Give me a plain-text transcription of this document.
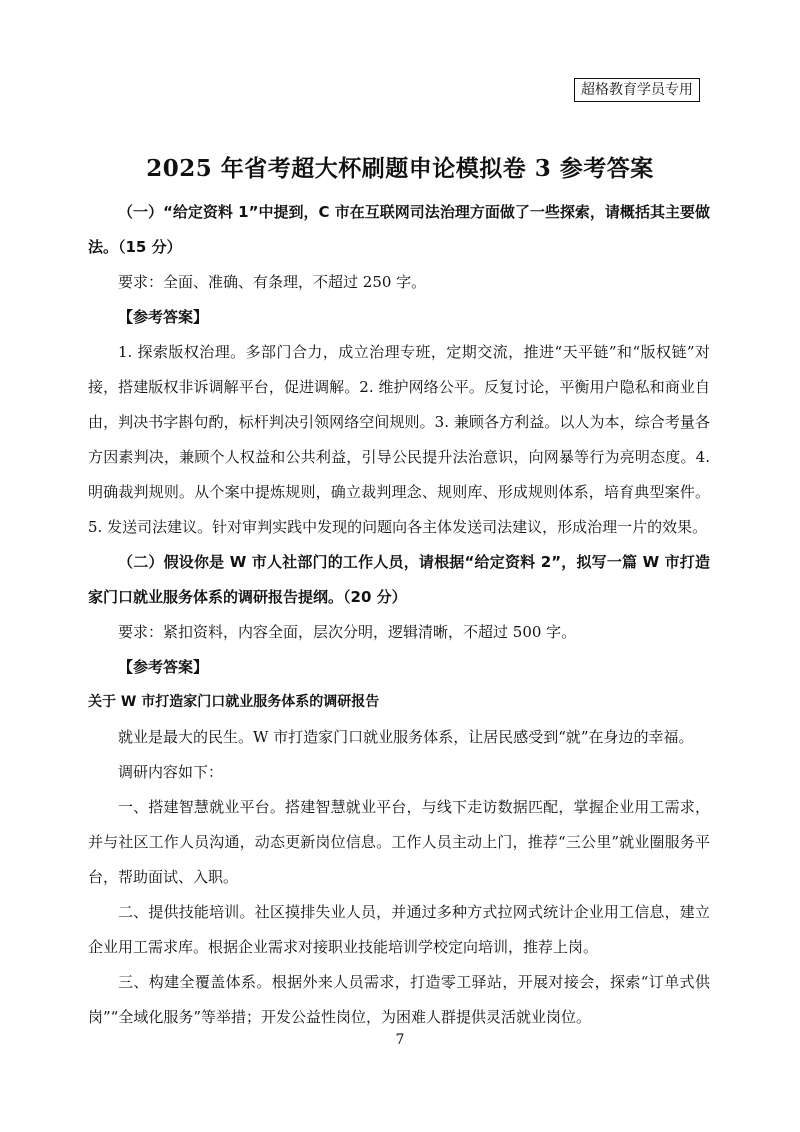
超格教育学员专用
2025 年省考超大杯刷题申论模拟卷 3 参考答案

（一）“给定资料 1”中提到，C 市在互联网司法治理方面做了一些探索，请概括其主要做法。（15 分）

要求：全面、准确、有条理，不超过 250 字。

【参考答案】

1. 探索版权治理。多部门合力，成立治理专班，定期交流，推进“天平链”和“版权链”对接，搭建版权非诉调解平台，促进调解。2. 维护网络公平。反复讨论，平衡用户隐私和商业自由，判决书字斟句酌，标杆判决引领网络空间规则。3. 兼顾各方利益。以人为本，综合考量各方因素判决，兼顾个人权益和公共利益，引导公民提升法治意识，向网暴等行为亮明态度。4. 明确裁判规则。从个案中提炼规则，确立裁判理念、规则库、形成规则体系，培育典型案件。5. 发送司法建议。针对审判实践中发现的问题向各主体发送司法建议，形成治理一片的效果。

（二）假设你是 W 市人社部门的工作人员，请根据“给定资料 2”，拟写一篇 W 市打造家门口就业服务体系的调研报告提纲。（20 分）

要求：紧扣资料，内容全面，层次分明，逻辑清晰，不超过 500 字。

【参考答案】

关于 W 市打造家门口就业服务体系的调研报告

就业是最大的民生。W 市打造家门口就业服务体系，让居民感受到“就”在身边的幸福。

调研内容如下：

一、搭建智慧就业平台。搭建智慧就业平台，与线下走访数据匹配，掌握企业用工需求，并与社区工作人员沟通，动态更新岗位信息。工作人员主动上门，推荐“三公里”就业圈服务平台，帮助面试、入职。

二、提供技能培训。社区摸排失业人员，并通过多种方式拉网式统计企业用工信息，建立企业用工需求库。根据企业需求对接职业技能培训学校定向培训，推荐上岗。

三、构建全覆盖体系。根据外来人员需求，打造零工驿站，开展对接会，探索“订单式供岗”“全域化服务”等举措；开发公益性岗位，为困难人群提供灵活就业岗位。

7
